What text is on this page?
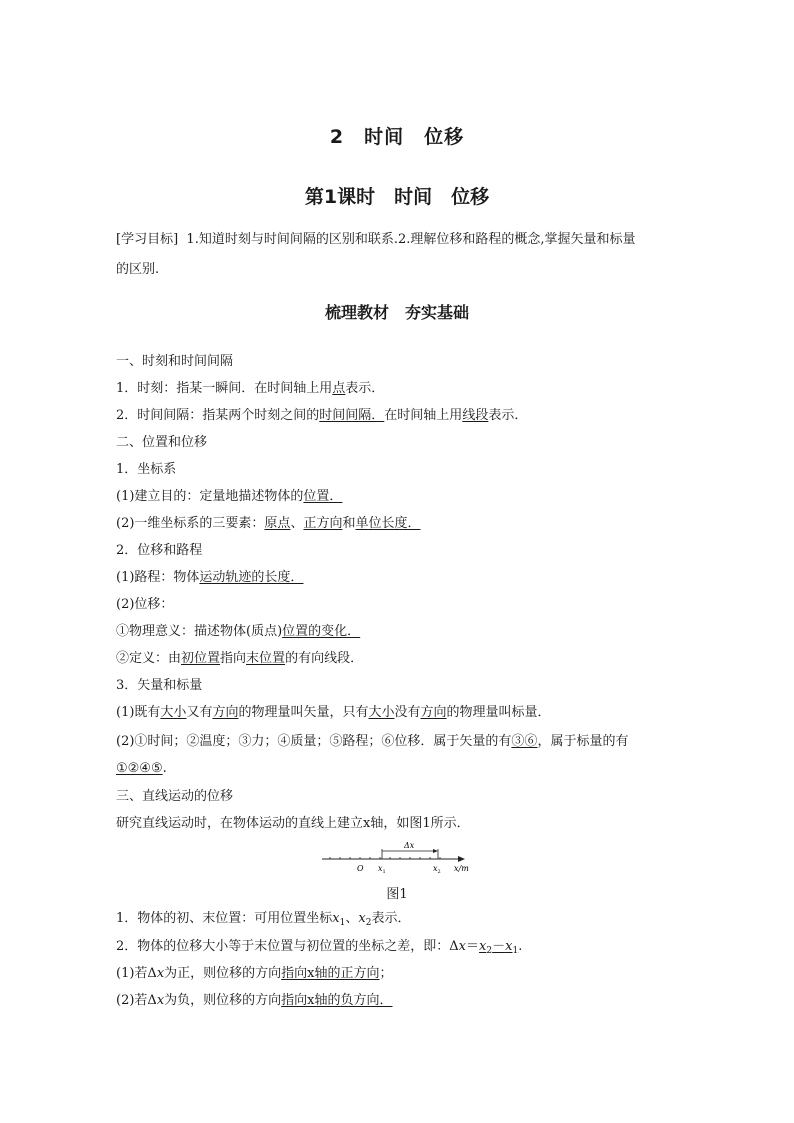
2　时间　位移
第1课时　时间　位移
[学习目标] 1.知道时刻与时间间隔的区别和联系.2.理解位移和路程的概念,掌握矢量和标量
的区别.
梳理教材　夯实基础
一、时刻和时间间隔
1．时刻：指某一瞬间．在时间轴上用点表示．
2．时间间隔：指某两个时刻之间的时间间隔．在时间轴上用线段表示．
二、位置和位移
1．坐标系
(1)建立目的：定量地描述物体的位置．
(2)一维坐标系的三要素：原点、正方向和单位长度．
2．位移和路程
(1)路程：物体运动轨迹的长度．
(2)位移：
①物理意义：描述物体(质点)位置的变化．
②定义：由初位置指向末位置的有向线段．
3．矢量和标量
(1)既有大小又有方向的物理量叫矢量，只有大小没有方向的物理量叫标量．
(2)①时间；②温度；③力；④质量；⑤路程；⑥位移．属于矢量的有③⑥，属于标量的有
①②④⑤.
三、直线运动的位移
研究直线运动时，在物体运动的直线上建立x轴，如图1所示．
Δx
O $x_1$	$x_2$ x/m
图1
1．物体的初、末位置：可用位置坐标$x_1$、$x_2$表示．
2．物体的位移大小等于末位置与初位置的坐标之差，即：$\Delta x=x_2-x_1$.
(1)若Δx为正，则位移的方向指向x轴的正方向；
(2)若Δx为负，则位移的方向指向x轴的负方向．
